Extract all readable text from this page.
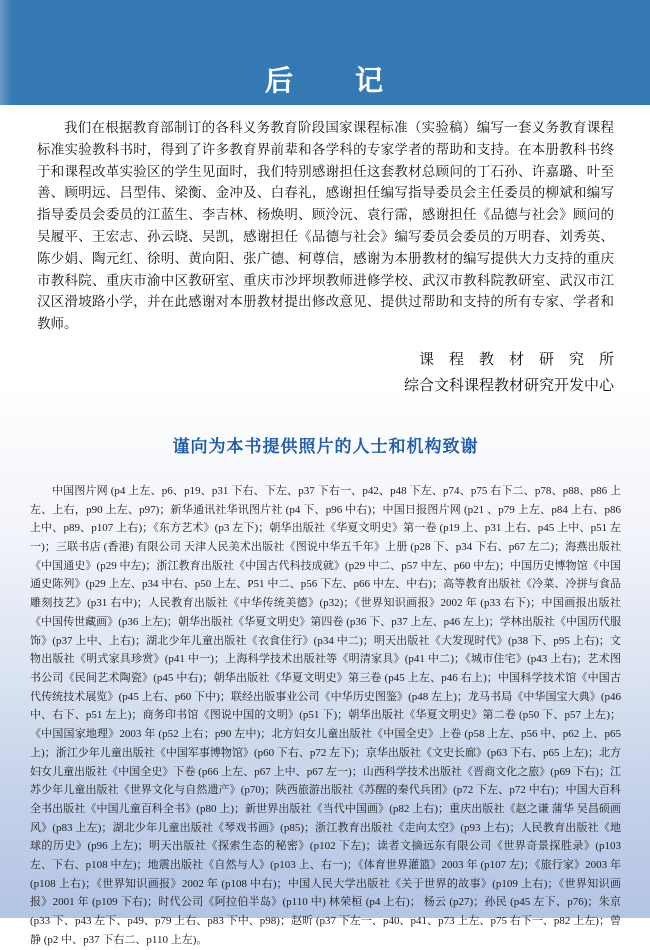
后　　记

我们在根据教育部制订的各科义务教育阶段国家课程标准（实验稿）编写一套义务教育课程标准实验教科书时，得到了许多教育界前辈和各学科的专家学者的帮助和支持。在本册教科书终于和课程改革实验区的学生见面时，我们特别感谢担任这套教材总顾问的丁石孙、许嘉璐、叶至善、顾明远、吕型伟、梁衡、金冲及、白春礼，感谢担任编写指导委员会主任委员的柳斌和编写指导委员会委员的江蓝生、李吉林、杨焕明、顾泠沅、袁行霈，感谢担任《品德与社会》顾问的吴履平、王宏志、孙云晓、吴凯，感谢担任《品德与社会》编写委员会委员的万明春、刘秀英、陈少娟、陶元红、徐明、黄向阳、张广德、柯尊信，感谢为本册教材的编写提供大力支持的重庆市教科院、重庆市渝中区教研室、重庆市沙坪坝教师进修学校、武汉市教科院教研室、武汉市江汉区滑坡路小学，并在此感谢对本册教材提出修改意见、提供过帮助和支持的所有专家、学者和教师。

课　程　教　材　研　究　所

综合文科课程教材研究开发中心

谨向为本书提供照片的人士和机构致谢

中国图片网 (p4 上左、p6、p19、p31 下右、下左、p37 下右一、p42、p48 下左、p74、p75 右下二、p78、p88、p86 上左、上右，p90 上左、p97)；新华通讯社华讯图片社 (p4 下、p96 中右)；中国日报图片网 (p21 、p79 上左、p84 上右、p86 上中、p89、p107 上右)；《东方艺术》(p3 左下)；朝华出版社《华夏文明史》第一卷 (p19 上、p31 上右、p45 上中、p51 左一)；三联书店 (香港) 有限公司 天津人民美术出版社《图说中华五千年》上册 (p28 下、p34 下右、p67 左二)；海燕出版社《中国通史》(p29 中左)；浙江教育出版社《中国古代科技成就》(p29 中二、p57 中左、p60 中左)；中国历史博物馆《中国通史陈列》(p29 上左、p34 中右、p50 上左、P51 中二、p56 下左、p66 中左、中右)；高等教育出版社《冷菜、冷拼与食品雕刻技艺》(p31 右中)；人民教育出版社《中华传统美德》(p32)；《世界知识画报》2002 年 (p33 右下)；中国画报出版社《中国传世藏画》(p36 上左)；朝华出版社《华夏文明史》第四卷 (p36 下、p37 上左、p46 左上)；学林出版社《中国历代服饰》(p37 上中、上右)；湖北少年儿童出版社《衣食住行》(p34 中二)；明天出版社《大发现时代》(p38 下、p95 上右)；文物出版社《明式家具珍赏》(p41 中一)；上海科学技术出版社等《明清家具》(p41 中二)；《城市住宅》(p43 上右)；艺术图书公司《民间艺术陶瓷》(p45 中右)；朝华出版社《华夏文明史》第三卷 (p45 上左、p46 右上)；中国科学技术馆《中国古代传统技术展览》(p45 上右、p60 下中)；联经出版事业公司《中华历史图鉴》(p48 左上)；龙马书局《中华国宝大典》(p46 中、右下、p51 左上)；商务印书馆《图说中国的文明》(p51 下)；朝华出版社《华夏文明史》第二卷 (p50 下、p57 上左)；《中国国家地理》2003 年 (p52 上右；p90 左中)；北方妇女儿童出版社《中国全史》上卷 (p58 上左、p56 中、p62 上、p65 上)；浙江少年儿童出版社《中国军事博物馆》(p60 下右、p72 左下)；京华出版社《文史长廊》(p63 下右、p65 上左)；北方妇女儿童出版社《中国全史》下卷 (p66 上左、p67 上中、p67 左一)；山西科学技术出版社《晋商文化之旅》(p69 下右)；江苏少年儿童出版社《世界文化与自然遗产》(p70)；陕西旅游出版社《苏醒的秦代兵团》(p72 下左、p72 中右)；中国大百科全书出版社《中国儿童百科全书》(p80 上)；新世界出版社《当代中国画》(p82 上右)；重庆出版社《赵之谦 蒲华 吴昌硕画风》(p83 上左)；湖北少年儿童出版社《琴戏书画》(p85)；浙江教育出版社《走向太空》(p93 上右)；人民教育出版社《地球的历史》(p96 上左)；明天出版社《探索生态的秘密》(p102 下左)；读者文摘远东有限公司《世界奇景探胜录》(p103 左、下右、p108 中左)；地震出版社《自然与人》(p103 上、右一)；《体育世界灌篮》2003 年 (p107 左)；《旅行家》2003 年 (p108 上右)；《世界知识画报》2002 年 (p108 中右)；中国人民大学出版社《关于世界的故事》(p109 上右)；《世界知识画报》2001 年 (p109 下右)；时代公司《阿拉伯半岛》(p110 中) 林荣桓 (p4 上右)； 杨云 (p27)；孙民 (p45 左下、p76)；朱京 (p33 下、p43 左下、p49、p79 上右、p83 下中、p98)；赵昕 (p37 下左一、p40、p41、p73 上左、p75 右下一、p82 上左)；曾静 (p2 中、p37 下右二、p110 上左)。
